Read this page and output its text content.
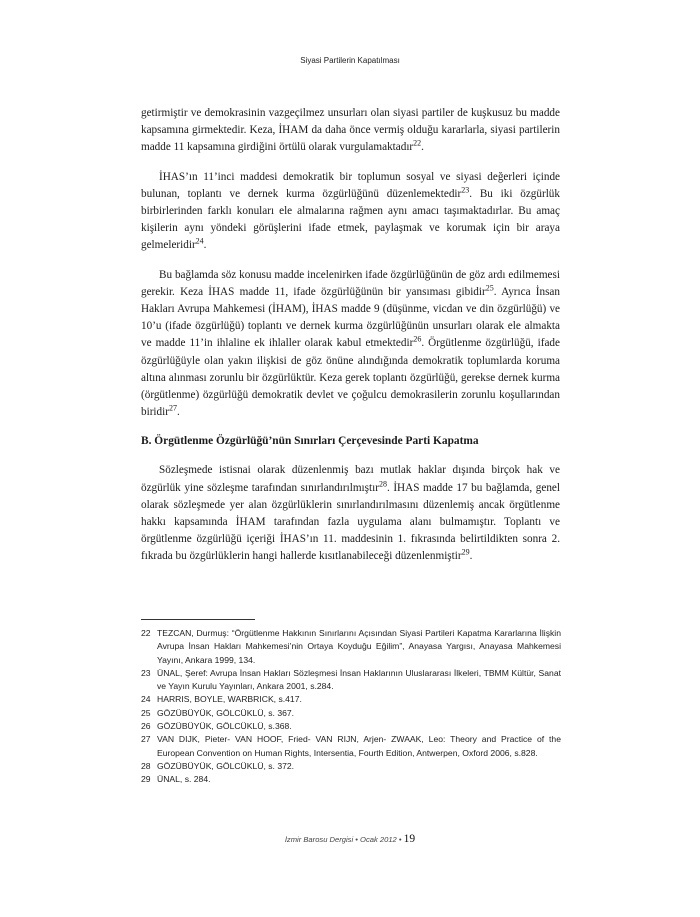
Siyasi Partilerin Kapatılması

getirmiştir ve demokrasinin vazgeçilmez unsurları olan siyasi partiler de kuşkusuz bu madde kapsamına girmektedir. Keza, İHAM da daha önce vermiş olduğu kararlarla, siyasi partilerin madde 11 kapsamına girdiğini örtülü olarak vurgulamaktadır$^{22}$.

İHAS’ın 11’inci maddesi demokratik bir toplumun sosyal ve siyasi değerleri içinde bulunan, toplantı ve dernek kurma özgürlüğünü düzenlemektedir$^{23}$. Bu iki özgürlük birbirlerinden farklı konuları ele almalarına rağmen aynı amacı taşımaktadırlar. Bu amaç kişilerin aynı yöndeki görüşlerini ifade etmek, paylaşmak ve korumak için bir araya gelmeleridir$^{24}$.

Bu bağlamda söz konusu madde incelenirken ifade özgürlüğünün de göz ardı edilmemesi gerekir. Keza İHAS madde 11, ifade özgürlüğünün bir yansıması gibidir$^{25}$. Ayrıca İnsan Hakları Avrupa Mahkemesi (İHAM), İHAS madde 9 (düşünme, vicdan ve din özgürlüğü) ve 10’u (ifade özgürlüğü) toplantı ve dernek kurma özgürlüğünün unsurları olarak ele almakta ve madde 11’in ihlaline ek ihlaller olarak kabul etmektedir$^{26}$. Örgütlenme özgürlüğü, ifade özgürlüğüyle olan yakın ilişkisi de göz önüne alındığında demokratik toplumlarda koruma altına alınması zorunlu bir özgürlüktür. Keza gerek toplantı özgürlüğü, gerekse dernek kurma (örgütlenme) özgürlüğü demokratik devlet ve çoğulcu demokrasilerin zorunlu koşullarından biridir$^{27}$.

B. Örgütlenme Özgürlüğü’nün Sınırları Çerçevesinde Parti Kapatma

Sözleşmede istisnai olarak düzenlenmiş bazı mutlak haklar dışında birçok hak ve özgürlük yine sözleşme tarafından sınırlandırılmıştır$^{28}$. İHAS madde 17 bu bağlamda, genel olarak sözleşmede yer alan özgürlüklerin sınırlandırılmasını düzenlemiş ancak örgütlenme hakkı kapsamında İHAM tarafından fazla uygulama alanı bulmamıştır. Toplantı ve örgütlenme özgürlüğü içeriği İHAS’ın 11. maddesinin 1. fıkrasında belirtildikten sonra 2. fıkrada bu özgürlüklerin hangi hallerde kısıtlanabileceği düzenlenmiştir$^{29}$.

22 TEZCAN, Durmuş: “Örgütlenme Hakkının Sınırlarını Açısından Siyasi Partileri Kapatma Kararlarına İlişkin Avrupa İnsan Hakları Mahkemesi’nin Ortaya Koyduğu Eğilim”, Anayasa Yargısı, Anayasa Mahkemesi Yayını, Ankara 1999, 134.
23 ÜNAL, Şeref: Avrupa İnsan Hakları Sözleşmesi İnsan Haklarının Uluslararası İlkeleri, TBMM Kültür, Sanat ve Yayın Kurulu Yayınları, Ankara 2001, s.284.
24 HARRIS, BOYLE, WARBRICK, s.417.
25 GÖZÜBÜYÜK, GÖLCÜKLÜ, s. 367.
26 GÖZÜBÜYÜK, GÖLCÜKLÜ, s.368.
27 VAN DIJK, Pieter- VAN HOOF, Fried- VAN RIJN, Arjen- ZWAAK, Leo: Theory and Practice of the European Convention on Human Rights, Intersentia, Fourth Edition, Antwerpen, Oxford 2006, s.828.
28 GÖZÜBÜYÜK, GÖLCÜKLÜ, s. 372.
29 ÜNAL, s. 284.
İzmir Barosu Dergisi • Ocak 2012 • 19
